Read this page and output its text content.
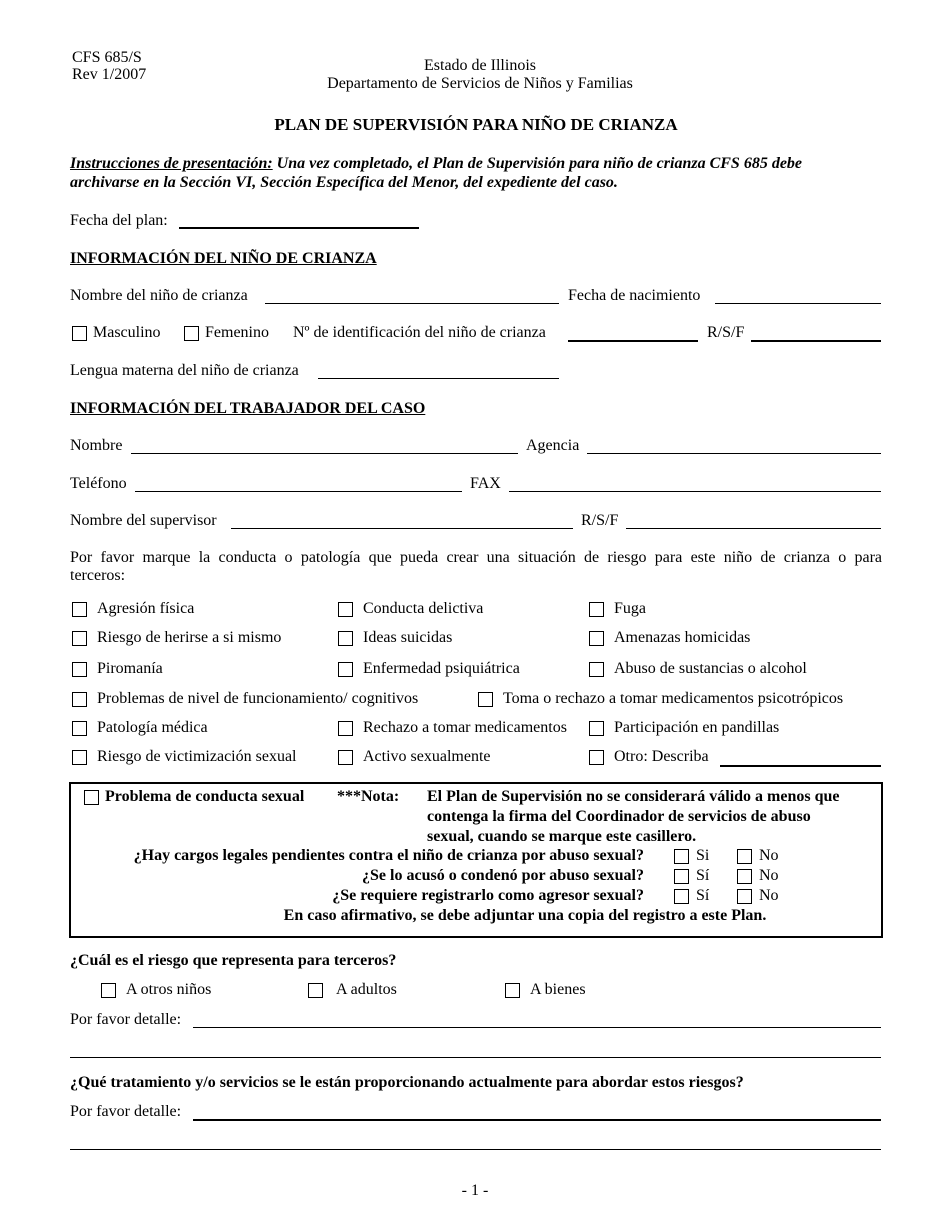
CFS 685/S
Rev 1/2007
Estado de Illinois
Departamento de Servicios de Niños y Familias
PLAN DE SUPERVISIÓN PARA NIÑO DE CRIANZA
Instrucciones de presentación: Una vez completado, el Plan de Supervisión para niño de crianza CFS 685 debe
archivarse en la Sección VI, Sección Específica del Menor, del expediente del caso.
Fecha del plan:
INFORMACIÓN DEL NIÑO DE CRIANZA
Nombre del niño de crianza	Fecha de nacimiento
Masculino	Femenino Nº de identificación del niño de crianza	R/S/F
Lengua materna del niño de crianza
INFORMACIÓN DEL TRABAJADOR DEL CASO
Nombre	Agencia
Teléfono	FAX
Nombre del supervisor	R/S/F
Por favor marque la conducta o patología que pueda crear una situación de riesgo para este niño de crianza o para
terceros:
Agresión física	Conducta delictiva	Fuga
Riesgo de herirse a si mismo	Ideas suicidas	Amenazas homicidas
Piromanía	Enfermedad psiquiátrica	Abuso de sustancias o alcohol
Problemas de nivel de funcionamiento/ cognitivos	Toma o rechazo a tomar medicamentos psicotrópicos
Patología médica	Rechazo a tomar medicamentos	Participación en pandillas
Riesgo de victimización sexual	Activo sexualmente	Otro: Describa
Problema de conducta sexual ***Nota: El Plan de Supervisión no se considerará válido a menos que
contenga la firma del Coordinador de servicios de abuso
sexual, cuando se marque este casillero.
¿Hay cargos legales pendientes contra el niño de crianza por abuso sexual?	Si	No
¿Se lo acusó o condenó por abuso sexual?	Sí	No
¿Se requiere registrarlo como agresor sexual?	Sí	No
En caso afirmativo, se debe adjuntar una copia del registro a este Plan.
¿Cuál es el riesgo que representa para terceros?
A otros niños	A adultos	A bienes
Por favor detalle:
¿Qué tratamiento y/o servicios se le están proporcionando actualmente para abordar estos riesgos?
Por favor detalle:
- 1 -
